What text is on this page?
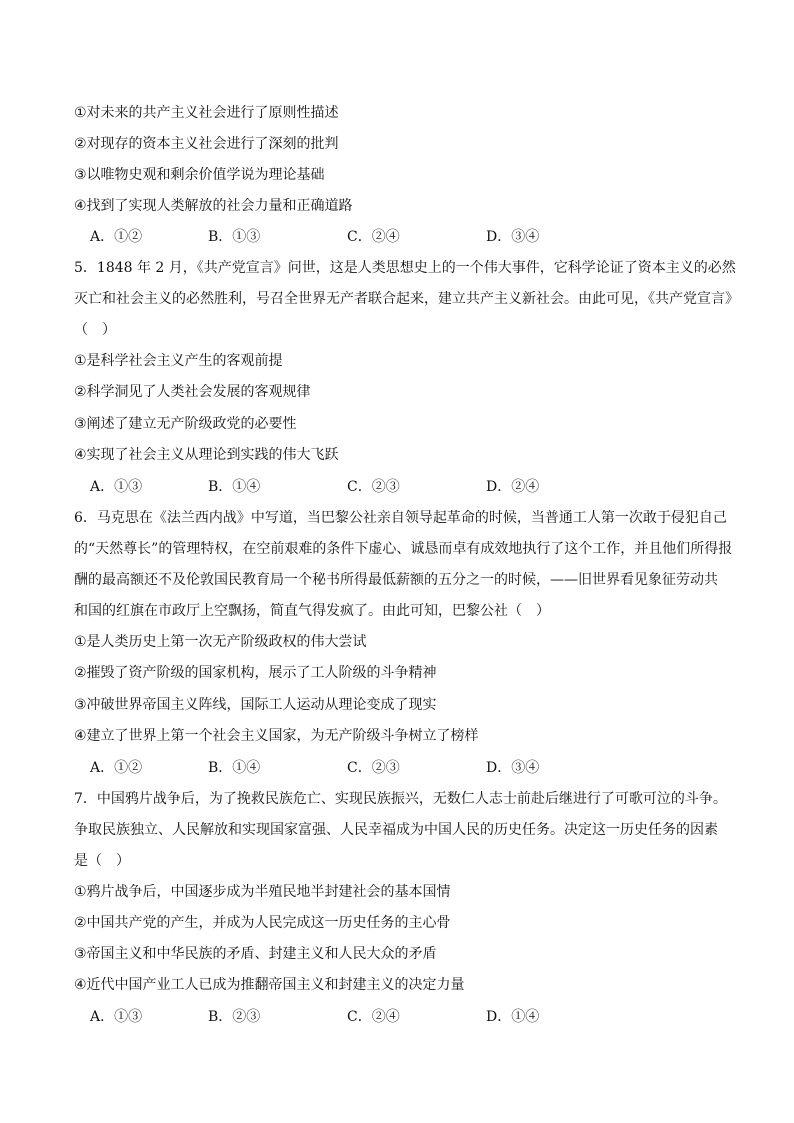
①对未来的共产主义社会进行了原则性描述
②对现存的资本主义社会进行了深刻的批判
③以唯物史观和剩余价值学说为理论基础
④找到了实现人类解放的社会力量和正确道路
A．①②	B．①③	C．②④	D．③④
5．1848 年 2 月，《共产党宣言》问世，这是人类思想史上的一个伟大事件，它科学论证了资本主义的必然
灭亡和社会主义的必然胜利，号召全世界无产者联合起来，建立共产主义新社会。由此可见，《共产党宣言》
（　）
①是科学社会主义产生的客观前提
②科学洞见了人类社会发展的客观规律
③阐述了建立无产阶级政党的必要性
④实现了社会主义从理论到实践的伟大飞跃
A．①③	B．①④	C．②③	D．②④
6．马克思在《法兰西内战》中写道，当巴黎公社亲自领导起革命的时候，当普通工人第一次敢于侵犯自己
的“天然尊长”的管理特权，在空前艰难的条件下虚心、诚恳而卓有成效地执行了这个工作，并且他们所得报
酬的最高额还不及伦敦国民教育局一个秘书所得最低薪额的五分之一的时候，——旧世界看见象征劳动共
和国的红旗在市政厅上空飘扬，简直气得发疯了。由此可知，巴黎公社（　）
①是人类历史上第一次无产阶级政权的伟大尝试
②摧毁了资产阶级的国家机构，展示了工人阶级的斗争精神
③冲破世界帝国主义阵线，国际工人运动从理论变成了现实
④建立了世界上第一个社会主义国家，为无产阶级斗争树立了榜样
A．①②	B．①④	C．②③	D．③④
7．中国鸦片战争后，为了挽救民族危亡、实现民族振兴，无数仁人志士前赴后继进行了可歌可泣的斗争。
争取民族独立、人民解放和实现国家富强、人民幸福成为中国人民的历史任务。决定这一历史任务的因素
是（　）
①鸦片战争后，中国逐步成为半殖民地半封建社会的基本国情
②中国共产党的产生，并成为人民完成这一历史任务的主心骨
③帝国主义和中华民族的矛盾、封建主义和人民大众的矛盾
④近代中国产业工人已成为推翻帝国主义和封建主义的决定力量
A．①③	B．②③	C．②④	D．①④
